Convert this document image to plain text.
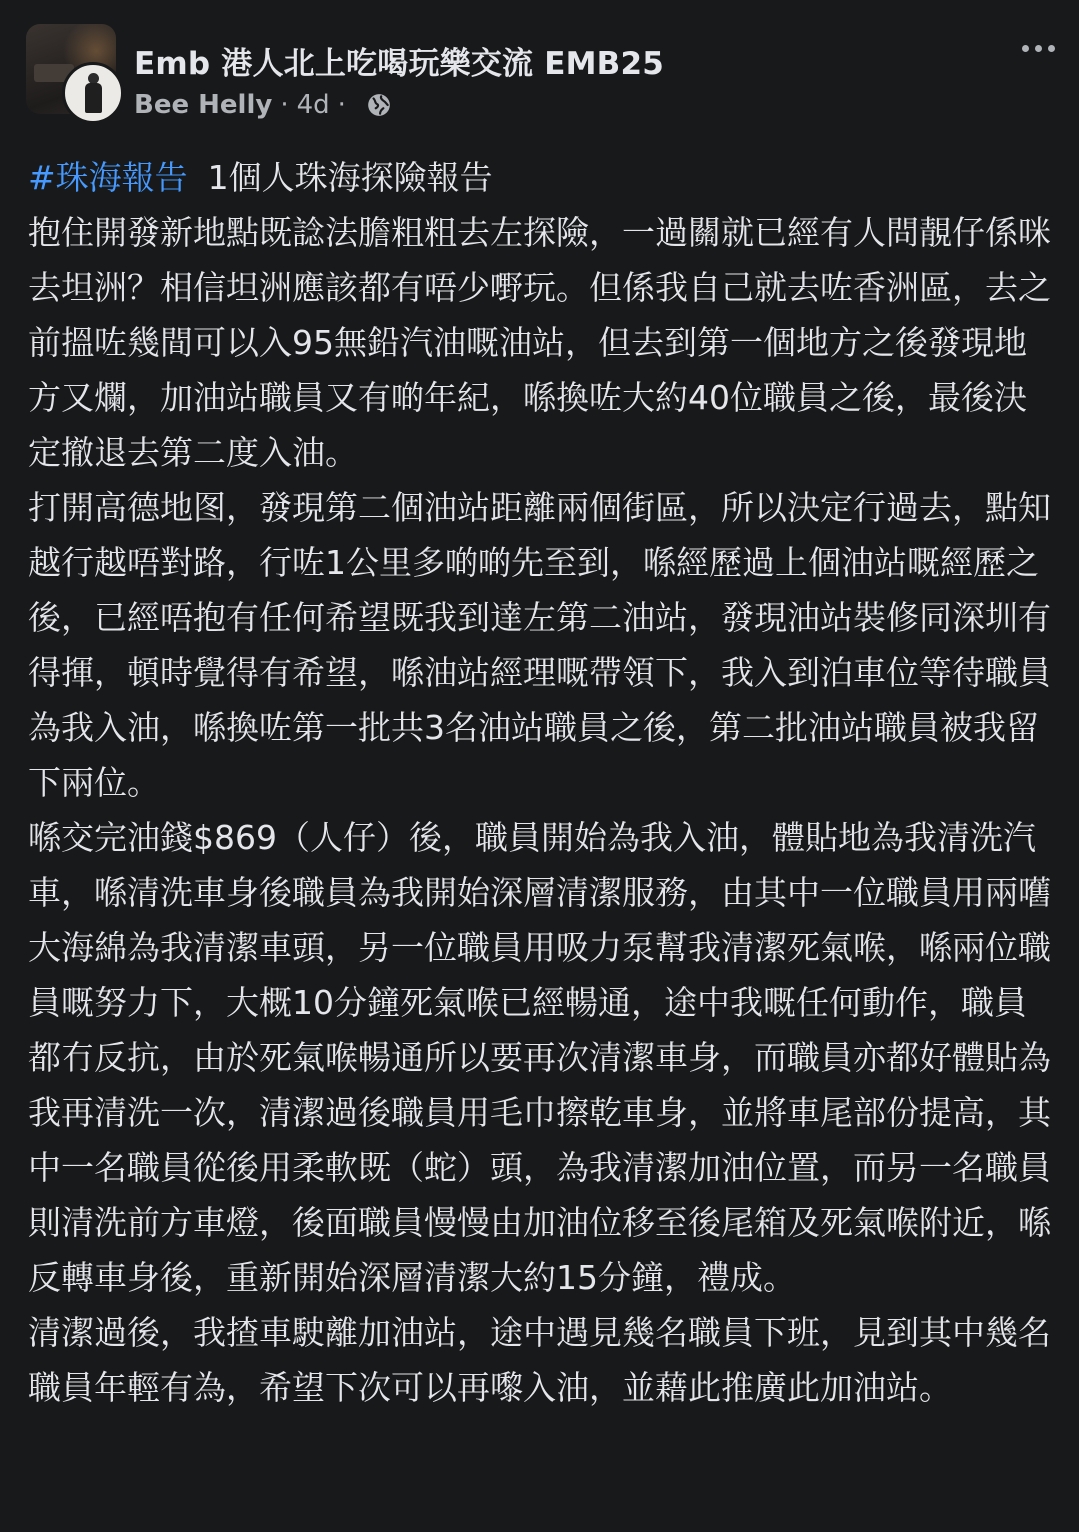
Emb 港人北上吃喝玩樂交流 EMB25
Bee Helly · 4d ·

#珠海報告 1個人珠海探險報告

抱住開發新地點既諗法膽粗粗去左探險，一過關就已經有人問靚仔係咪去坦洲？相信坦洲應該都有唔少嘢玩。但係我自己就去咗香洲區，去之前搵咗幾間可以入95無鉛汽油嘅油站，但去到第一個地方之後發現地方又爛，加油站職員又有啲年紀，喺換咗大約40位職員之後，最後決定撤退去第二度入油。

打開高德地图，發現第二個油站距離兩個街區，所以決定行過去，點知越行越唔對路，行咗1公里多啲啲先至到，喺經歷過上個油站嘅經歷之後，已經唔抱有任何希望既我到達左第二油站，發現油站裝修同深圳有得揮，頓時覺得有希望，喺油站經理嘅帶領下，我入到泊車位等待職員為我入油，喺換咗第一批共3名油站職員之後，第二批油站職員被我留下兩位。

喺交完油錢$869（人仔）後，職員開始為我入油，體貼地為我清洗汽車，喺清洗車身後職員為我開始深層清潔服務，由其中一位職員用兩嚿大海綿為我清潔車頭，另一位職員用吸力泵幫我清潔死氣喉，喺兩位職員嘅努力下，大概10分鐘死氣喉已經暢通，途中我嘅任何動作，職員都冇反抗，由於死氣喉暢通所以要再次清潔車身，而職員亦都好體貼為我再清洗一次，清潔過後職員用毛巾擦乾車身，並將車尾部份提高，其中一名職員從後用柔軟既（蛇）頭，為我清潔加油位置，而另一名職員則清洗前方車燈，後面職員慢慢由加油位移至後尾箱及死氣喉附近，喺反轉車身後，重新開始深層清潔大約15分鐘，禮成。

清潔過後，我揸車駛離加油站，途中遇見幾名職員下班，見到其中幾名職員年輕有為，希望下次可以再嚟入油，並藉此推廣此加油站。
